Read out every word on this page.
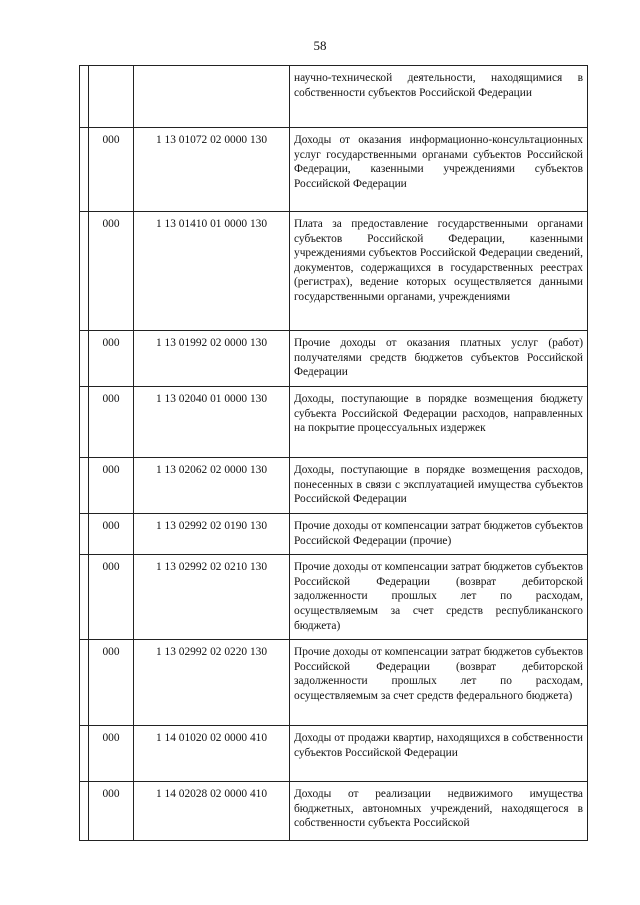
58
			научно-технической деятельности, находящимися в собственности субъектов Российской Федерации
	000	1 13 01072 02 0000 130	Доходы от оказания информационно-консультационных услуг государственными органами субъектов Российской Федерации, казенными учреждениями субъектов Российской Федерации
	000	1 13 01410 01 0000 130	Плата за предоставление государственными органами субъектов Российской Федерации, казенными учреждениями субъектов Российской Федерации сведений, документов, содержащихся в государственных реестрах (регистрах), ведение которых осуществляется данными государственными органами, учреждениями
	000	1 13 01992 02 0000 130	Прочие доходы от оказания платных услуг (работ) получателями средств бюджетов субъектов Российской Федерации
	000	1 13 02040 01 0000 130	Доходы, поступающие в порядке возмещения бюджету субъекта Российской Федерации расходов, направленных на покрытие процессуальных издержек
	000	1 13 02062 02 0000 130	Доходы, поступающие в порядке возмещения расходов, понесенных в связи с эксплуатацией имущества субъектов Российской Федерации
	000	1 13 02992 02 0190 130	Прочие доходы от компенсации затрат бюджетов субъектов Российской Федерации (прочие)
	000	1 13 02992 02 0210 130	Прочие доходы от компенсации затрат бюджетов субъектов Российской Федерации (возврат дебиторской задолженности прошлых лет по расходам, осуществляемым за счет средств республиканского бюджета)
	000	1 13 02992 02 0220 130	Прочие доходы от компенсации затрат бюджетов субъектов Российской Федерации (возврат дебиторской задолженности прошлых лет по расходам, осуществляемым за счет средств федерального бюджета)
	000	1 14 01020 02 0000 410	Доходы от продажи квартир, находящихся в собственности субъектов Российской Федерации
	000	1 14 02028 02 0000 410	Доходы от реализации недвижимого имущества бюджетных, автономных учреждений, находящегося в собственности субъекта Российской
